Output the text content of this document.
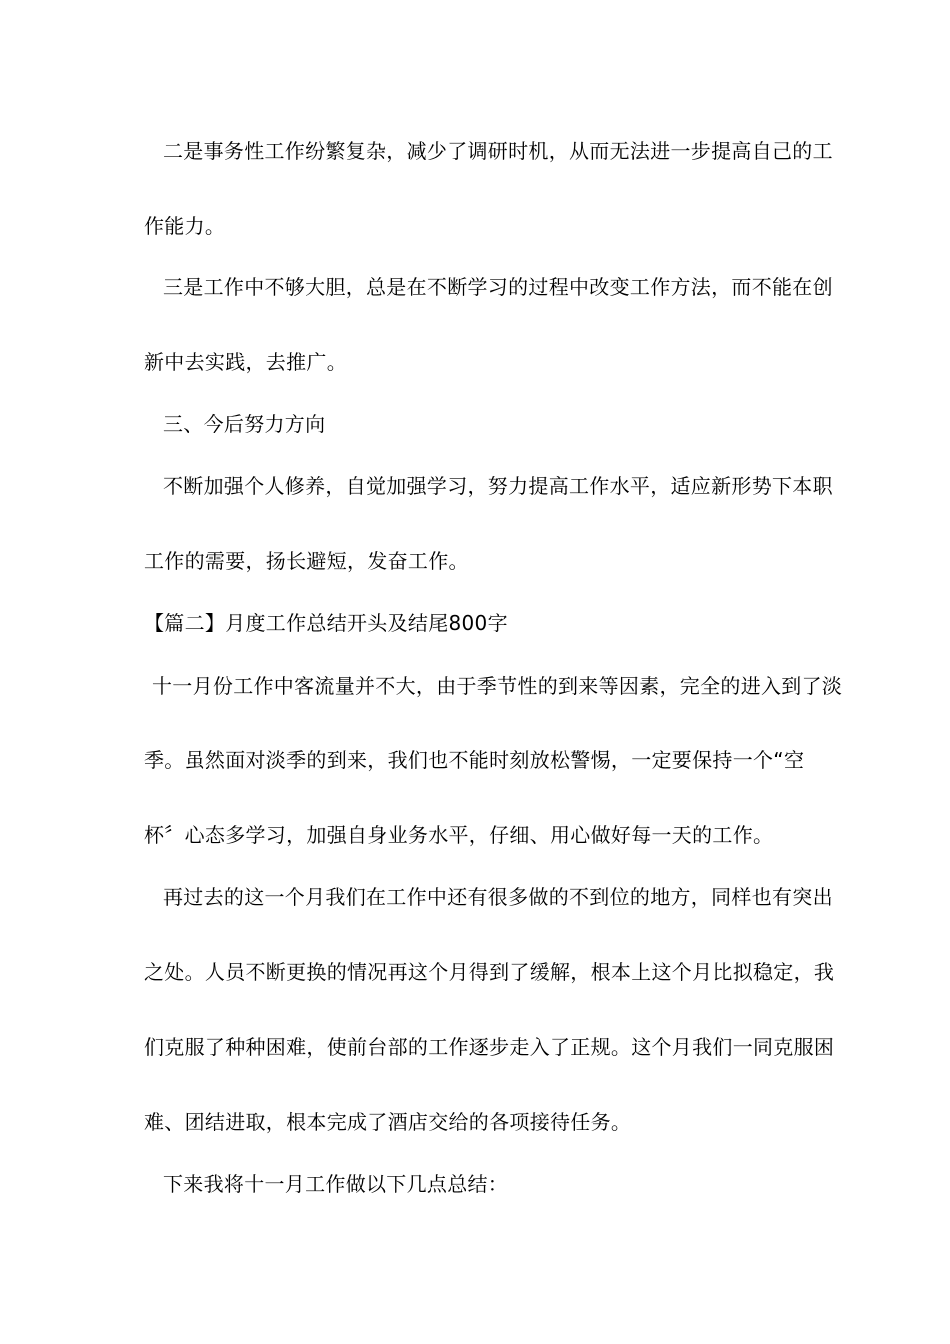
二是事务性工作纷繁复杂，减少了调研时机，从而无法进一步提高自己的工

作能力。

三是工作中不够大胆，总是在不断学习的过程中改变工作方法，而不能在创

新中去实践，去推广。

三、今后努力方向

不断加强个人修养，自觉加强学习，努力提高工作水平，适应新形势下本职

工作的需要，扬长避短，发奋工作。

【篇二】月度工作总结开头及结尾800字

十一月份工作中客流量并不大，由于季节性的到来等因素，完全的进入到了淡

季。虽然面对淡季的到来，我们也不能时刻放松警惕，一定要保持一个“空

杯〞心态多学习，加强自身业务水平，仔细、用心做好每一天的工作。

再过去的这一个月我们在工作中还有很多做的不到位的地方，同样也有突出

之处。人员不断更换的情况再这个月得到了缓解，根本上这个月比拟稳定，我

们克服了种种困难，使前台部的工作逐步走入了正规。这个月我们一同克服困

难、团结进取，根本完成了酒店交给的各项接待任务。

下来我将十一月工作做以下几点总结：
